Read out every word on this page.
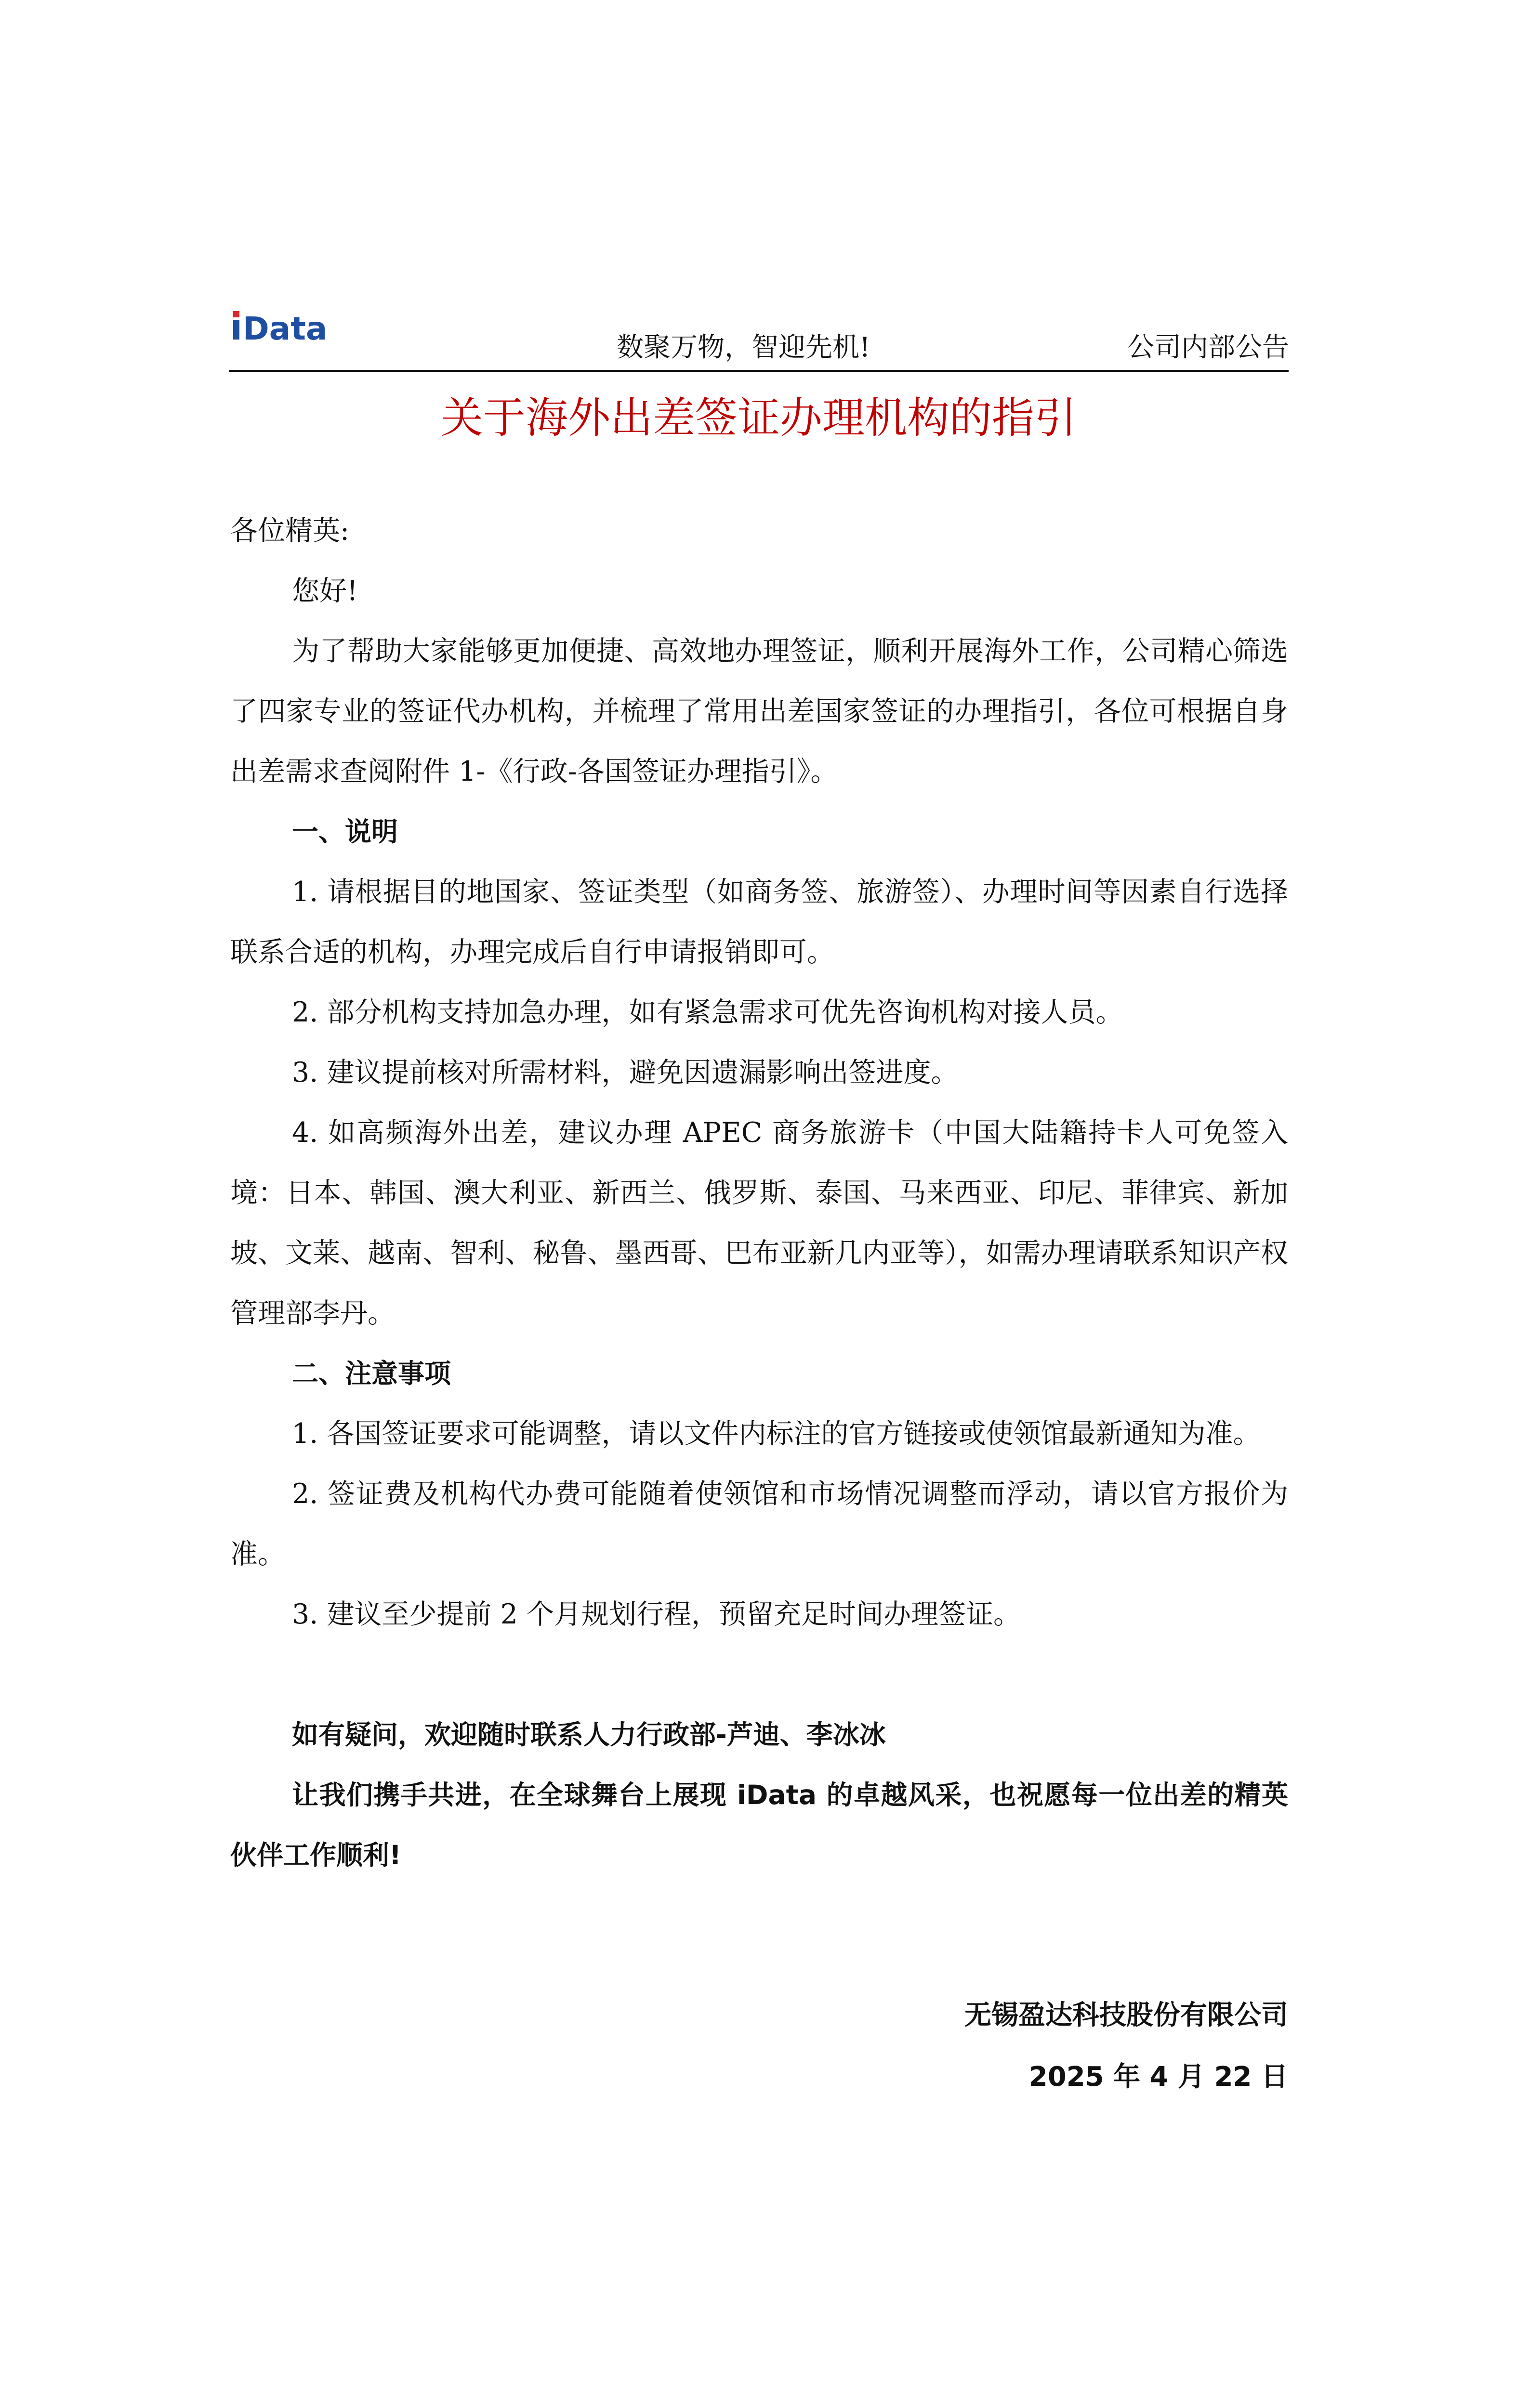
Data
数聚万物，智迎先机!	公司内部公告
关于海外出差签证办理机构的指引

各位精英:

您好!

为了帮助大家能够更加便捷、高效地办理签证，顺利开展海外工作，公司精心筛选了四家专业的签证代办机构，并梳理了常用出差国家签证的办理指引，各位可根据自身出差需求查阅附件 1-《行政-各国签证办理指引》。

一、说明

1. 请根据目的地国家、签证类型（如商务签、旅游签）、办理时间等因素自行选择联系合适的机构，办理完成后自行申请报销即可。

2. 部分机构支持加急办理，如有紧急需求可优先咨询机构对接人员。

3. 建议提前核对所需材料，避免因遗漏影响出签进度。

4. 如高频海外出差，建议办理 APEC 商务旅游卡（中国大陆籍持卡人可免签入境：日本、韩国、澳大利亚、新西兰、俄罗斯、泰国、马来西亚、印尼、菲律宾、新加坡、文莱、越南、智利、秘鲁、墨西哥、巴布亚新几内亚等），如需办理请联系知识产权管理部李丹。

二、注意事项

1. 各国签证要求可能调整，请以文件内标注的官方链接或使领馆最新通知为准。

2. 签证费及机构代办费可能随着使领馆和市场情况调整而浮动，请以官方报价为准。

3. 建议至少提前 2 个月规划行程，预留充足时间办理签证。

如有疑问，欢迎随时联系人力行政部-芦迪、李冰冰

让我们携手共进，在全球舞台上展现 iData 的卓越风采，也祝愿每一位出差的精英伙伴工作顺利!

无锡盈达科技股份有限公司
2025 年 4 月 22 日
